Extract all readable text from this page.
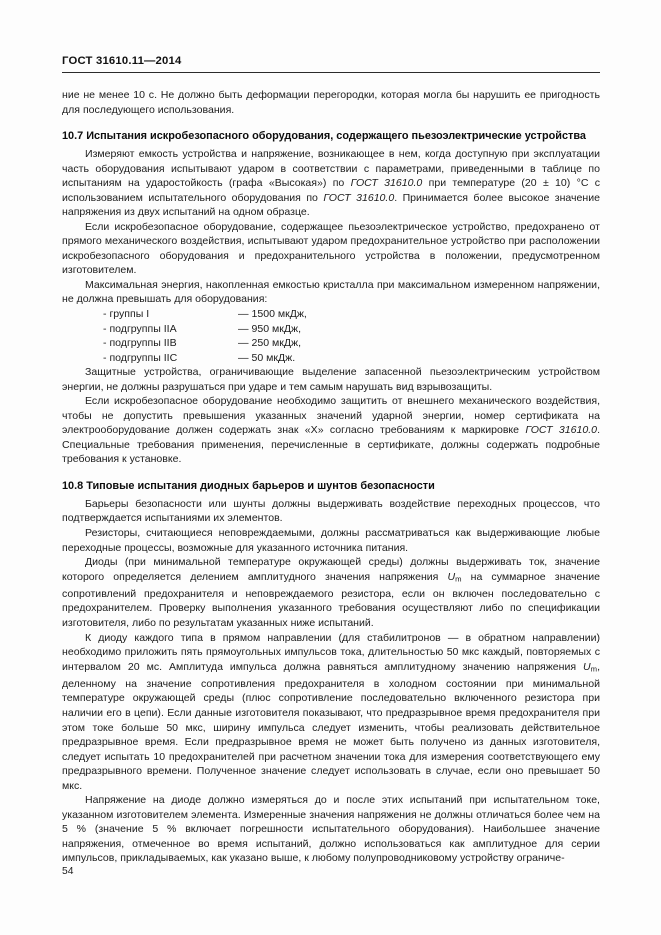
ГОСТ 31610.11—2014

ние не менее 10 с. Не должно быть деформации перегородки, которая могла бы нарушить ее пригодность для последующего использования.

10.7 Испытания искробезопасного оборудования, содержащего пьезоэлектрические устройства

Измеряют емкость устройства и напряжение, возникающее в нем, когда доступную при эксплуатации часть оборудования испытывают ударом в соответствии с параметрами, приведенными в таблице по испытаниям на ударостойкость (графа «Высокая») по ГОСТ 31610.0 при температуре (20 ± 10) °С с использованием испытательного оборудования по ГОСТ 31610.0. Принимается более высокое значение напряжения из двух испытаний на одном образце.

Если искробезопасное оборудование, содержащее пьезоэлектрическое устройство, предохранено от прямого механического воздействия, испытывают ударом предохранительное устройство при расположении искробезопасного оборудования и предохранительного устройства в положении, предусмотренном изготовителем.

Максимальная энергия, накопленная емкостью кристалла при максимальном измеренном напряжении, не должна превышать для оборудования:

- группы I	— 1500 мкДж,
- подгруппы IIA	— 950 мкДж,
- подгруппы IIB	— 250 мкДж,
- подгруппы IIC	— 50 мкДж.

Защитные устройства, ограничивающие выделение запасенной пьезоэлектрическим устройством энергии, не должны разрушаться при ударе и тем самым нарушать вид взрывозащиты.

Если искробезопасное оборудование необходимо защитить от внешнего механического воздействия, чтобы не допустить превышения указанных значений ударной энергии, номер сертификата на электрооборудование должен содержать знак «Х» согласно требованиям к маркировке ГОСТ 31610.0. Специальные требования применения, перечисленные в сертификате, должны содержать подробные требования к установке.

10.8 Типовые испытания диодных барьеров и шунтов безопасности

Барьеры безопасности или шунты должны выдерживать воздействие переходных процессов, что подтверждается испытаниями их элементов.

Резисторы, считающиеся неповреждаемыми, должны рассматриваться как выдерживающие любые переходные процессы, возможные для указанного источника питания.

Диоды (при минимальной температуре окружающей среды) должны выдерживать ток, значение которого определяется делением амплитудного значения напряжения $U_m$ на суммарное значение сопротивлений предохранителя и неповреждаемого резистора, если он включен последовательно с предохранителем. Проверку выполнения указанного требования осуществляют либо по спецификации изготовителя, либо по результатам указанных ниже испытаний.

К диоду каждого типа в прямом направлении (для стабилитронов — в обратном направлении) необходимо приложить пять прямоугольных импульсов тока, длительностью 50 мкс каждый, повторяемых с интервалом 20 мс. Амплитуда импульса должна равняться амплитудному значению напряжения $U_m$, деленному на значение сопротивления предохранителя в холодном состоянии при минимальной температуре окружающей среды (плюс сопротивление последовательно включенного резистора при наличии его в цепи). Если данные изготовителя показывают, что предразрывное время предохранителя при этом токе больше 50 мкс, ширину импульса следует изменить, чтобы реализовать действительное предразрывное время. Если предразрывное время не может быть получено из данных изготовителя, следует испытать 10 предохранителей при расчетном значении тока для измерения соответствующего ему предразрывного времени. Полученное значение следует использовать в случае, если оно превышает 50 мкс.

Напряжение на диоде должно измеряться до и после этих испытаний при испытательном токе, указанном изготовителем элемента. Измеренные значения напряжения не должны отличаться более чем на 5 % (значение 5 % включает погрешности испытательного оборудования). Наибольшее значение напряжения, отмеченное во время испытаний, должно использоваться как амплитудное для серии импульсов, прикладываемых, как указано выше, к любому полупроводниковому устройству ограниче-

54
